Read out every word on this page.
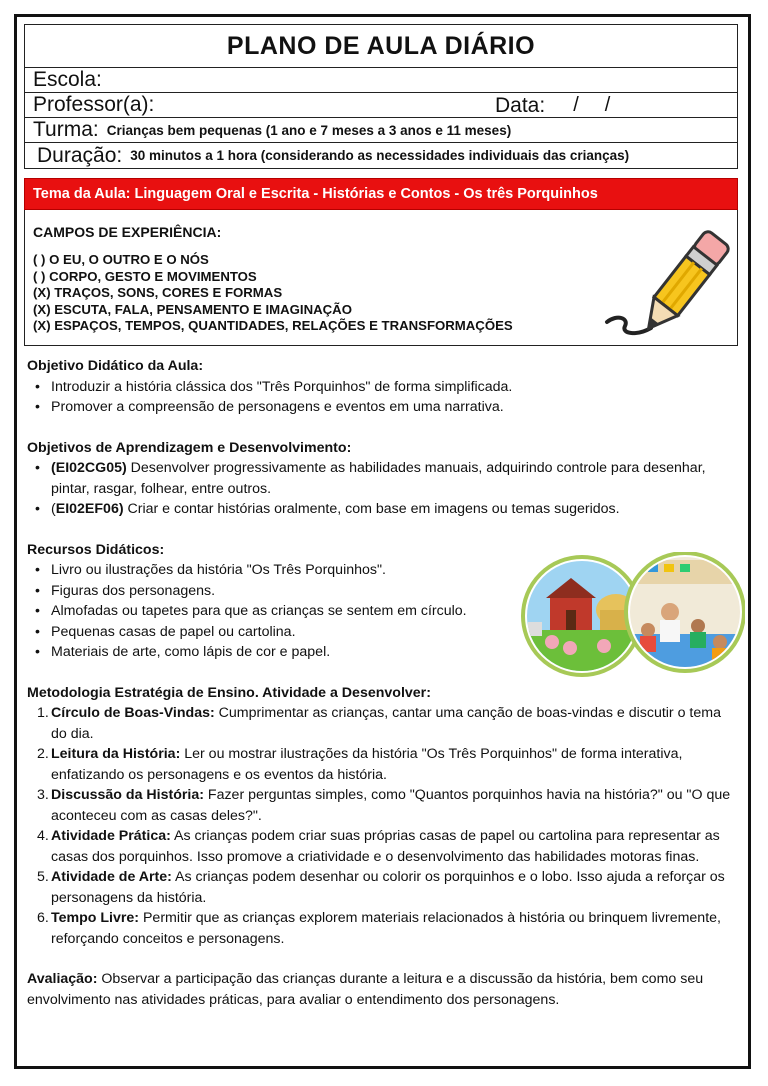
PLANO DE AULA DIÁRIO
Escola:
Professor(a):	Data: / /
Turma: Crianças bem pequenas (1 ano e 7 meses a 3 anos e 11 meses)
Duração: 30 minutos a 1 hora (considerando as necessidades individuais das crianças)
Tema da Aula: Linguagem Oral e Escrita - Histórias e Contos - Os três Porquinhos
CAMPOS DE EXPERIÊNCIA:
( ) O EU, O OUTRO E O NÓS
( ) CORPO, GESTO E MOVIMENTOS
(X) TRAÇOS, SONS, CORES E FORMAS
(X) ESCUTA, FALA, PENSAMENTO E IMAGINAÇÃO
(X) ESPAÇOS, TEMPOS, QUANTIDADES, RELAÇÕES E TRANSFORMAÇÕES

Objetivo Didático da Aula:

• Introduzir a história clássica dos "Três Porquinhos" de forma simplificada.
• Promover a compreensão de personagens e eventos em uma narrativa.

Objetivos de Aprendizagem e Desenvolvimento:

• (EI02CG05) Desenvolver progressivamente as habilidades manuais, adquirindo controle para desenhar, pintar, rasgar, folhear, entre outros.
• (EI02EF06) Criar e contar histórias oralmente, com base em imagens ou temas sugeridos.

Recursos Didáticos:

• Livro ou ilustrações da história "Os Três Porquinhos".
• Figuras dos personagens.
• Almofadas ou tapetes para que as crianças se sentem em círculo.
• Pequenas casas de papel ou cartolina.
• Materiais de arte, como lápis de cor e papel.

Metodologia Estratégia de Ensino. Atividade a Desenvolver:

1. Círculo de Boas-Vindas: Cumprimentar as crianças, cantar uma canção de boas-vindas e discutir o tema do dia.
2. Leitura da História: Ler ou mostrar ilustrações da história "Os Três Porquinhos" de forma interativa, enfatizando os personagens e os eventos da história.
3. Discussão da História: Fazer perguntas simples, como "Quantos porquinhos havia na história?" ou "O que aconteceu com as casas deles?".
4. Atividade Prática: As crianças podem criar suas próprias casas de papel ou cartolina para representar as casas dos porquinhos. Isso promove a criatividade e o desenvolvimento das habilidades motoras finas.
5. Atividade de Arte: As crianças podem desenhar ou colorir os porquinhos e o lobo. Isso ajuda a reforçar os personagens da história.
6. Tempo Livre: Permitir que as crianças explorem materiais relacionados à história ou brinquem livremente, reforçando conceitos e personagens.

Avaliação: Observar a participação das crianças durante a leitura e a discussão da história, bem como seu envolvimento nas atividades práticas, para avaliar o entendimento dos personagens.
